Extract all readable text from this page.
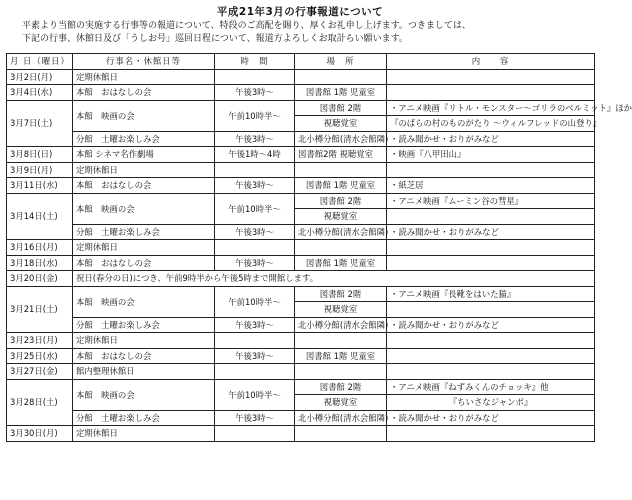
平成21年3月の行事報道について
平素より当館の実施する行事等の報道について、特段のご高配を賜り、厚くお礼申し上げます。つきましては、
下記の行事、休館日及び「うしお号」巡回日程について、報道方よろしくお取計らい願います。
月 日（曜日）	行事名・休館日等	時　間	場　所	内　　容
3月2日(月)	定期休館日			
3月4日(水)	本館　おはなしの会	午後3時～	図書館 1階 児童室	
3月7日(土)	本館　映画の会	午前10時半～	図書館 2階	・アニメ映画『リトル・モンスター～ゴリラのベルミット』ほか
			視聴覚室	『のばらの村のものがたり ～ウィルフレッドの山登り』
	分館　土曜お楽しみ会	午後3時～	北小樽分館(清水会館隣)	・読み聞かせ・おりがみなど
3月8日(日)	本館 シネマ名作劇場	午後1時～4時	図書館2階 視聴覚室	・映画『八甲田山』
3月9日(月)	定期休館日			
3月11日(水)	本館　おはなしの会	午後3時～	図書館 1階 児童室	・紙芝居
3月14日(土)	本館　映画の会	午前10時半～	図書館 2階	・アニメ映画『ムーミン谷の彗星』
			視聴覚室	
	分館　土曜お楽しみ会	午後3時～	北小樽分館(清水会館隣)	・読み聞かせ・おりがみなど
3月16日(月)	定期休館日			
3月18日(水)	本館　おはなしの会	午後3時～	図書館 1階 児童室	
3月20日(金)	祝日(春分の日)につき、午前9時半から午後5時まで開館します。			
3月21日(土)	本館　映画の会	午前10時半～	図書館 2階	・アニメ映画『長靴をはいた猫』
			視聴覚室	
	分館　土曜お楽しみ会	午後3時～	北小樽分館(清水会館隣)	・読み聞かせ・おりがみなど
3月23日(月)	定期休館日			
3月25日(水)	本館　おはなしの会	午後3時～	図書館 1階 児童室	
3月27日(金)	館内整理休館日			
3月28日(土)	本館　映画の会	午前10時半～	図書館 2階	・アニメ映画『ねずみくんのチョッキ』他
			視聴覚室	『ちいさなジャンボ』
	分館　土曜お楽しみ会	午後3時～	北小樽分館(清水会館隣)	・読み聞かせ・おりがみなど
3月30日(月)	定期休館日			
